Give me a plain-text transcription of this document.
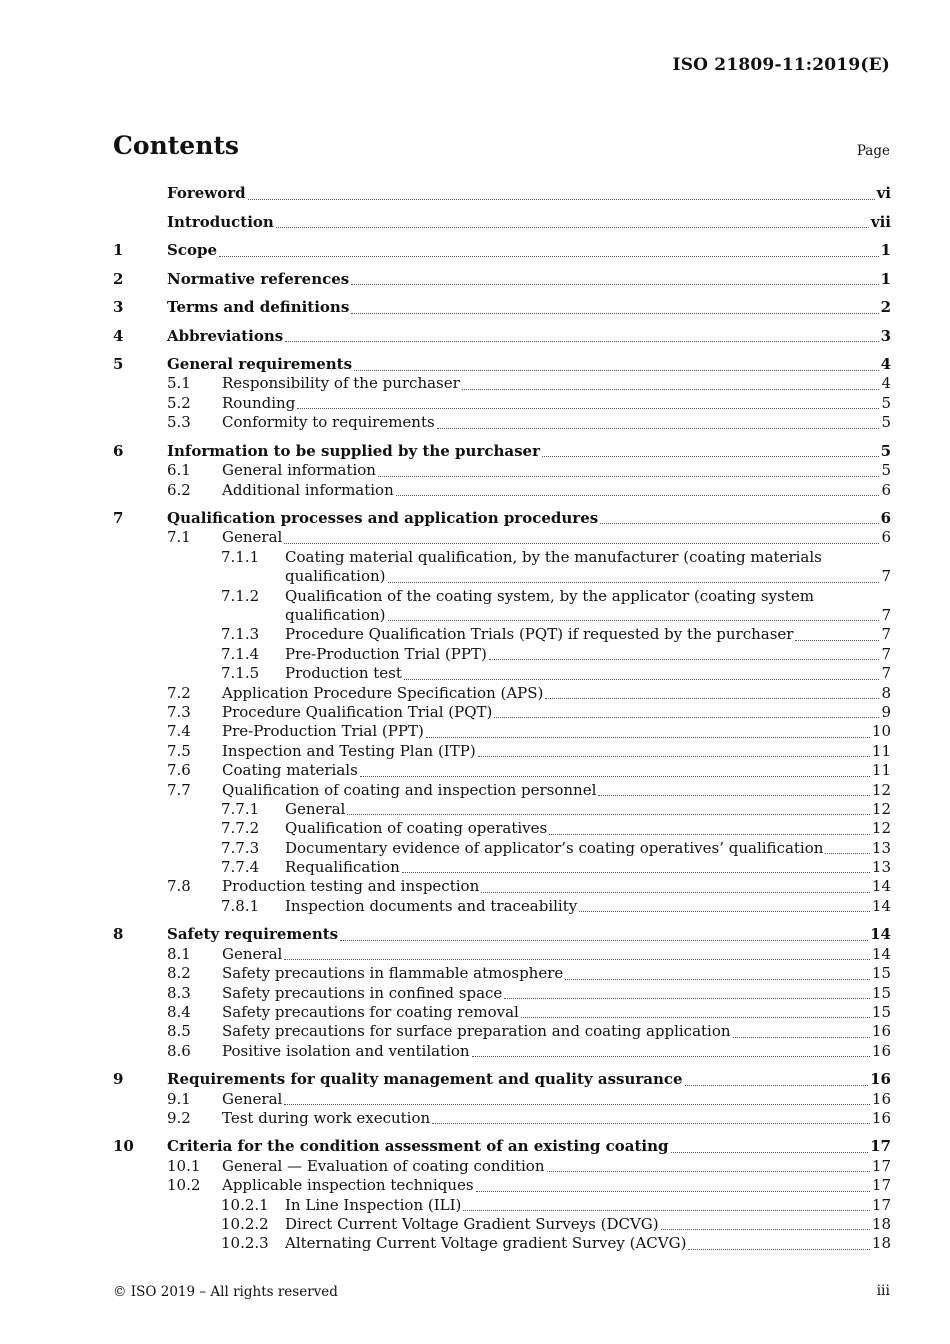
ISO 21809-11:2019(E)
Contents	Page
Foreword	vi
Introduction	vii
1	Scope	1
2	Normative references	1
3	Terms and definitions	2
4	Abbreviations	3
5	General requirements	4
5.1	Responsibility of the purchaser	4
5.2	Rounding	5
5.3	Conformity to requirements	5
6	Information to be supplied by the purchaser	5
6.1	General information	5
6.2	Additional information	6
7	Qualification processes and application procedures	6
7.1	General	6
7.1.1	Coating material qualification, by the manufacturer (coating materials
qualification)	7
7.1.2	Qualification of the coating system, by the applicator (coating system
qualification)	7
7.1.3	Procedure Qualification Trials (PQT) if requested by the purchaser	7
7.1.4	Pre-Production Trial (PPT)	7
7.1.5	Production test	7
7.2	Application Procedure Specification (APS)	8
7.3	Procedure Qualification Trial (PQT)	9
7.4	Pre-Production Trial (PPT)	10
7.5	Inspection and Testing Plan (ITP)	11
7.6	Coating materials	11
7.7	Qualification of coating and inspection personnel	12
7.7.1	General	12
7.7.2	Qualification of coating operatives	12
7.7.3	Documentary evidence of applicator’s coating operatives’ qualification	13
7.7.4	Requalification	13
7.8	Production testing and inspection	14
7.8.1	Inspection documents and traceability	14
8	Safety requirements	14
8.1	General	14
8.2	Safety precautions in flammable atmosphere	15
8.3	Safety precautions in confined space	15
8.4	Safety precautions for coating removal	15
8.5	Safety precautions for surface preparation and coating application	16
8.6	Positive isolation and ventilation	16
9	Requirements for quality management and quality assurance	16
9.1	General	16
9.2	Test during work execution	16
10	Criteria for the condition assessment of an existing coating	17
10.1	General — Evaluation of coating condition	17
10.2	Applicable inspection techniques	17
10.2.1	In Line Inspection (ILI)	17
10.2.2	Direct Current Voltage Gradient Surveys (DCVG)	18
10.2.3	Alternating Current Voltage gradient Survey (ACVG)	18
© ISO 2019 – All rights reserved	iii
